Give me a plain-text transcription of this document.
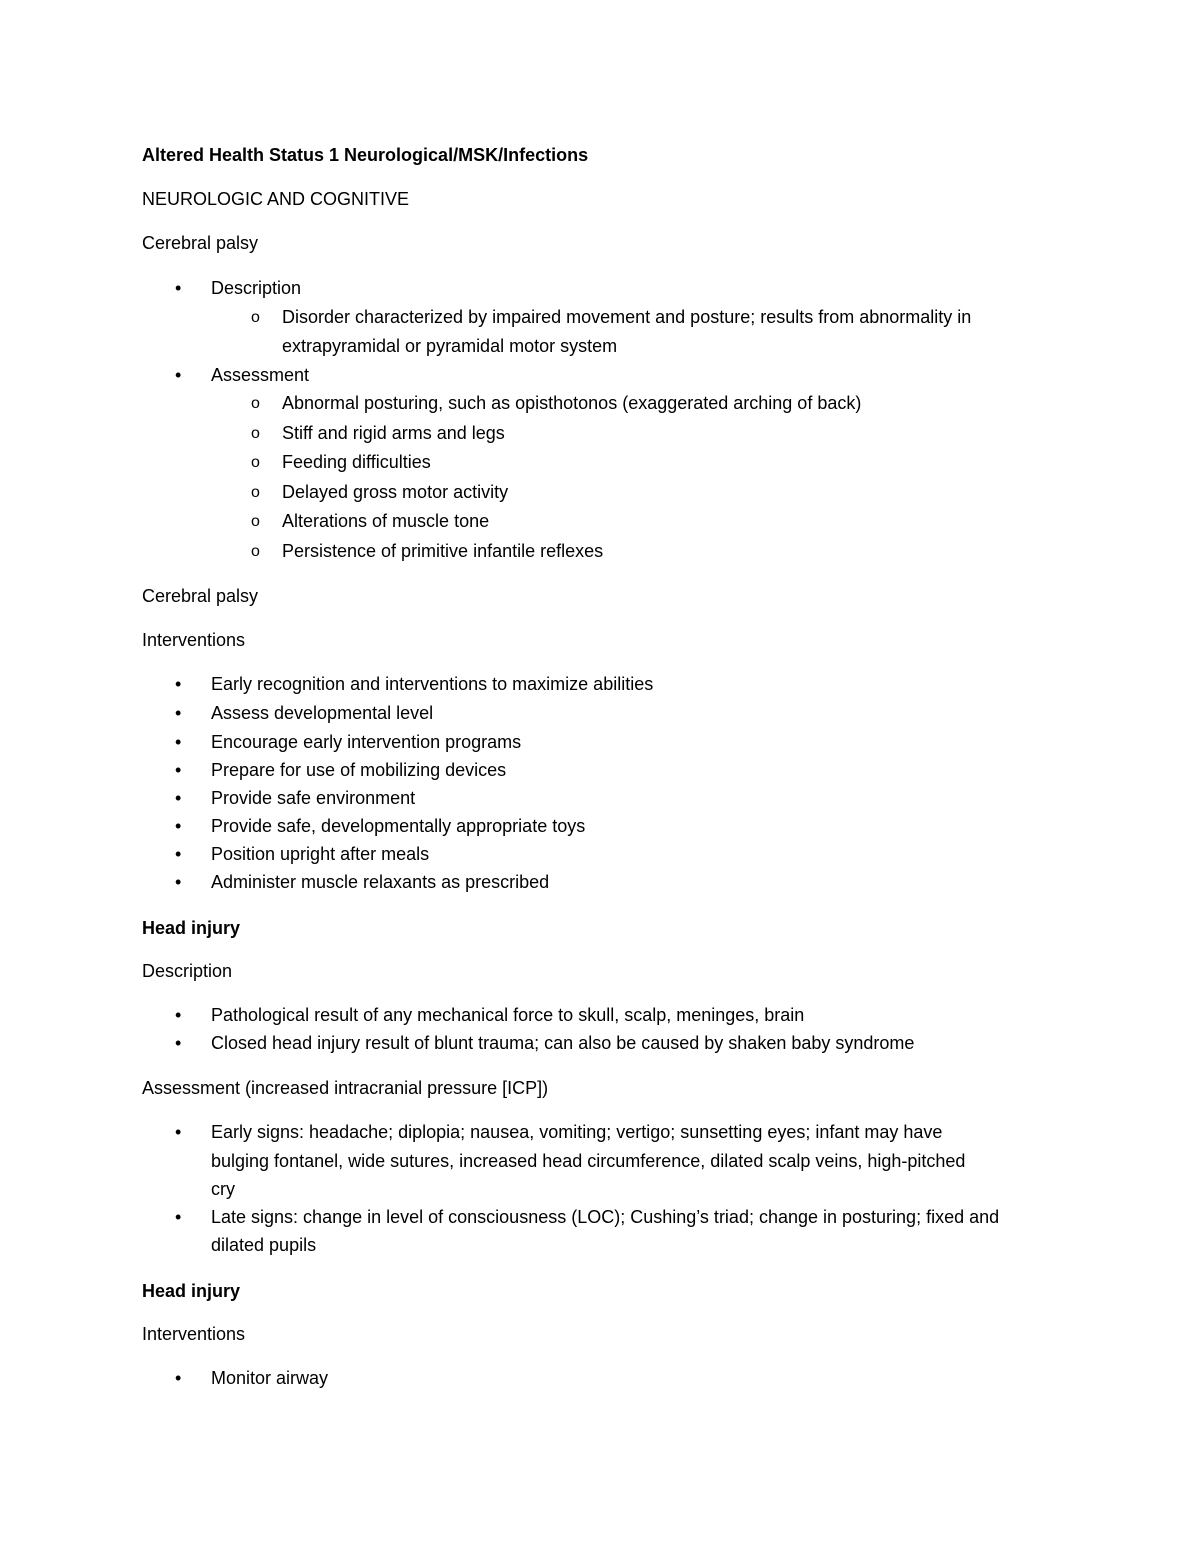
Altered Health Status 1 Neurological/MSK/Infections
NEUROLOGIC AND COGNITIVE
Cerebral palsy
• Description
o Disorder characterized by impaired movement and posture; results from abnormality in
extrapyramidal or pyramidal motor system
• Assessment
o Abnormal posturing, such as opisthotonos (exaggerated arching of back)
o Stiff and rigid arms and legs
o Feeding difficulties
o Delayed gross motor activity
o Alterations of muscle tone
o Persistence of primitive infantile reflexes
Cerebral palsy
Interventions
• Early recognition and interventions to maximize abilities
• Assess developmental level
• Encourage early intervention programs
• Prepare for use of mobilizing devices
• Provide safe environment
• Provide safe, developmentally appropriate toys
• Position upright after meals
• Administer muscle relaxants as prescribed
Head injury
Description
• Pathological result of any mechanical force to skull, scalp, meninges, brain
• Closed head injury result of blunt trauma; can also be caused by shaken baby syndrome
Assessment (increased intracranial pressure [ICP])
• Early signs: headache; diplopia; nausea, vomiting; vertigo; sunsetting eyes; infant may have
bulging fontanel, wide sutures, increased head circumference, dilated scalp veins, high-pitched
cry
• Late signs: change in level of consciousness (LOC); Cushing’s triad; change in posturing; fixed and
dilated pupils
Head injury
Interventions
• Monitor airway
